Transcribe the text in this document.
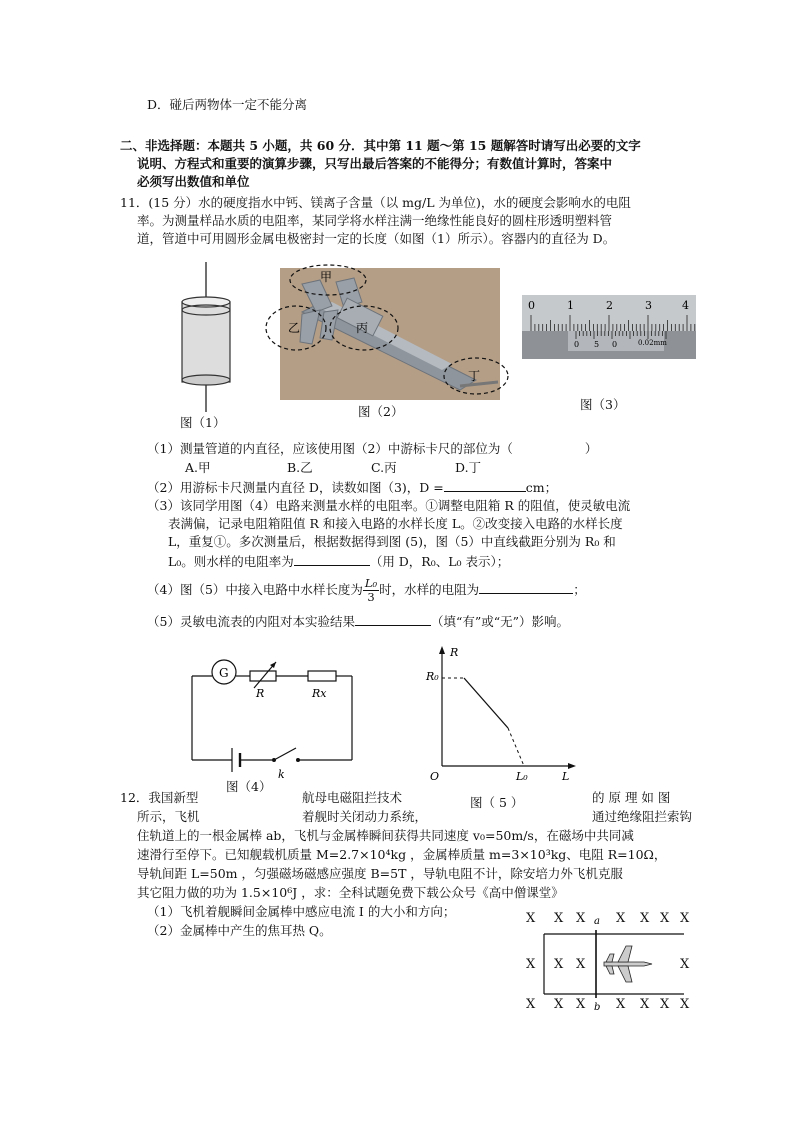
D．碰后两物体一定不能分离
二、非选择题：本题共 5 小题，共 60 分．其中第 11 题～第 15 题解答时请写出必要的文字
说明、方程式和重要的演算步骤，只写出最后答案的不能得分；有数值计算时，答案中
必须写出数值和单位
11．(15 分）水的硬度指水中钙、镁离子含量（以 mg/L 为单位)，水的硬度会影响水的电阻
率。为测量样品水质的电阻率，某同学将水样注满一绝缘性能良好的圆柱形透明塑料管
道，管道中可用圆形金属电极密封一定的长度（如图（1）所示）。容器内的直径为 D。
图（1）
甲
乙	丙
丁
图（2）
0	1	2	3	4
0 5 0	0.02mm
图（3）
（1）测量管道的内直径，应该使用图（2）中游标卡尺的部位为（	）
A.甲	B.乙	C.丙	D.丁
（2）用游标卡尺测量内直径 D，读数如图（3)，D =	cm；
（3）该同学用图（4）电路来测量水样的电阻率。①调整电阻箱 R 的阻值，使灵敏电流
表满偏，记录电阻箱阻值 R 和接入电路的水样长度 L。②改变接入电路的水样长度
L，重复①。多次测量后，根据数据得到图 (5)，图（5）中直线截距分别为 R₀ 和
L₀。则水样的电阻率为	（用 D，R₀、L₀ 表示）；
（4）图（5）中接入电路中水样长度为 $\frac{\text{L₀}}{3}$ 时，水样的电阻为	；
（5）灵敏电流表的内阻对本实验结果	（填“有”或“无”）影响。
G
R	Rx
k
图（4）
R₀
R
O	L₀	L
图（ 5 ）
12．我国新型	航母电磁阻拦技术	的 原 理 如 图
所示，飞机	着舰时关闭动力系统，	通过绝缘阻拦索钩
住轨道上的一根金属棒 ab，飞机与金属棒瞬间获得共同速度 v₀=50m/s，在磁场中共同减
速滑行至停下。已知舰载机质量 M=2.7×10⁴kg ，金属棒质量 m=3×10³kg、电阻 R=10Ω，
导轨间距 L=50m ，匀强磁场磁感应强度 B=5T ，导轨电阻不计，除安培力外飞机克服
其它阻力做的功为 1.5×10⁶J ，求：全科试题免费下载公众号《高中僧课堂》
（1）飞机着舰瞬间金属棒中感应电流 I 的大小和方向；
（2）金属棒中产生的焦耳热 Q。
X X X X X X X
X X X	X
X X X X X X X
a
b
